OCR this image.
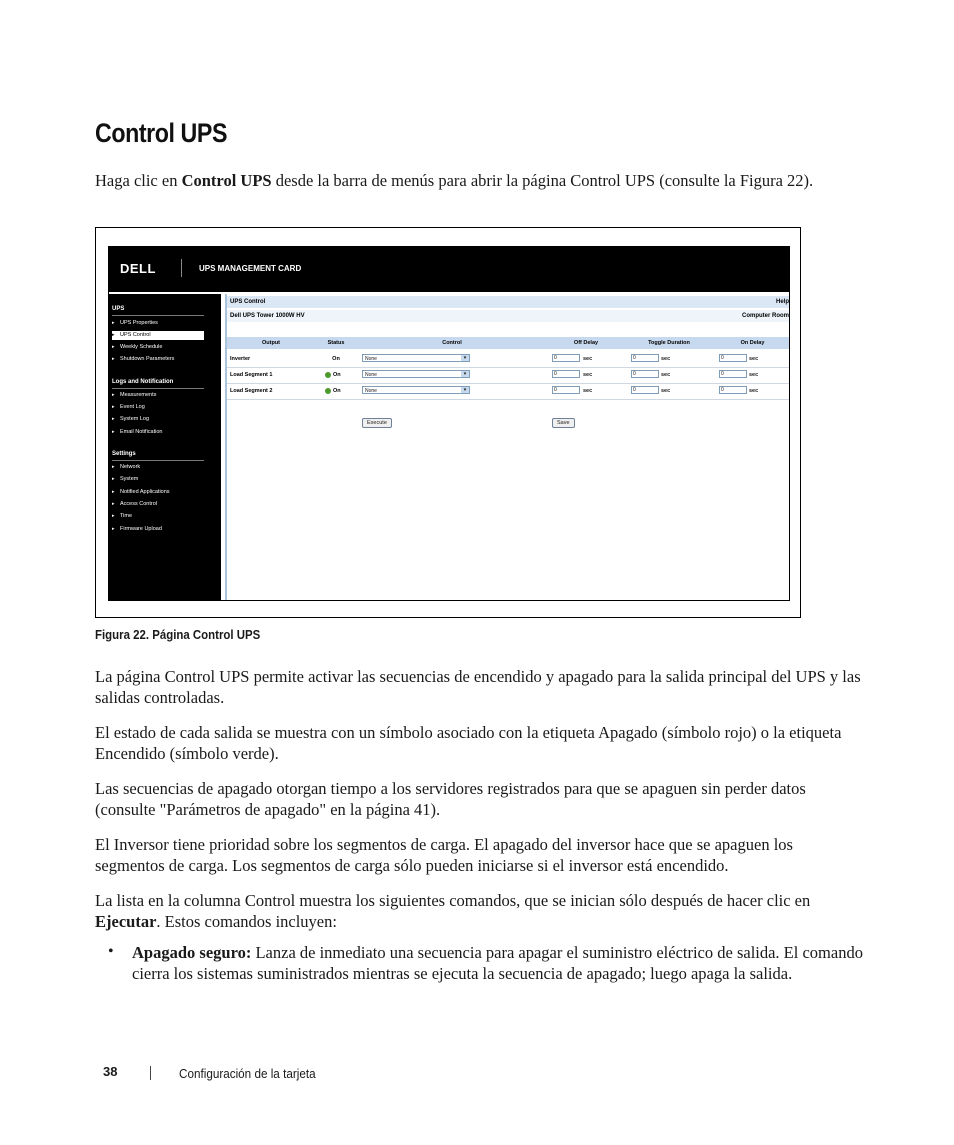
Control UPS

Haga clic en Control UPS desde la barra de menús para abrir la página Control UPS (consulte la Figura 22).

DELL	UPS MANAGEMENT CARD
UPS
▸ UPS Properties
▸ UPS Control
▸ Weekly Schedule
▸ Shutdown Parameters
Logs and Notification
▸ Measurements
▸ Event Log
▸ System Log
▸ Email Notification
Settings
▸ Network
▸ System
▸ Notified Applications
▸ Access Control
▸ Time
▸ Firmware Upload
UPS Control	Help
Dell UPS Tower 1000W HV	Computer Room
Output	Status	Control	Off Delay	Toggle Duration	On Delay
Inverter	On	None	▾	0	sec	0	sec	0	sec
Load Segment 1	On	None	▾	0	sec	0	sec	0	sec
Load Segment 2	On	None	▾	0	sec	0	sec	0	sec
Execute	Save

Figura 22. Página Control UPS

La página Control UPS permite activar las secuencias de encendido y apagado para la salida principal del UPS y las salidas controladas.

El estado de cada salida se muestra con un símbolo asociado con la etiqueta Apagado (símbolo rojo) o la etiqueta Encendido (símbolo verde).

Las secuencias de apagado otorgan tiempo a los servidores registrados para que se apaguen sin perder datos (consulte "Parámetros de apagado" en la página 41).

El Inversor tiene prioridad sobre los segmentos de carga. El apagado del inversor hace que se apaguen los segmentos de carga. Los segmentos de carga sólo pueden iniciarse si el inversor está encendido.

La lista en la columna Control muestra los siguientes comandos, que se inician sólo después de hacer clic en Ejecutar. Estos comandos incluyen:

• Apagado seguro: Lanza de inmediato una secuencia para apagar el suministro eléctrico de salida. El comando cierra los sistemas suministrados mientras se ejecuta la secuencia de apagado; luego apaga la salida.

38	Configuración de la tarjeta
